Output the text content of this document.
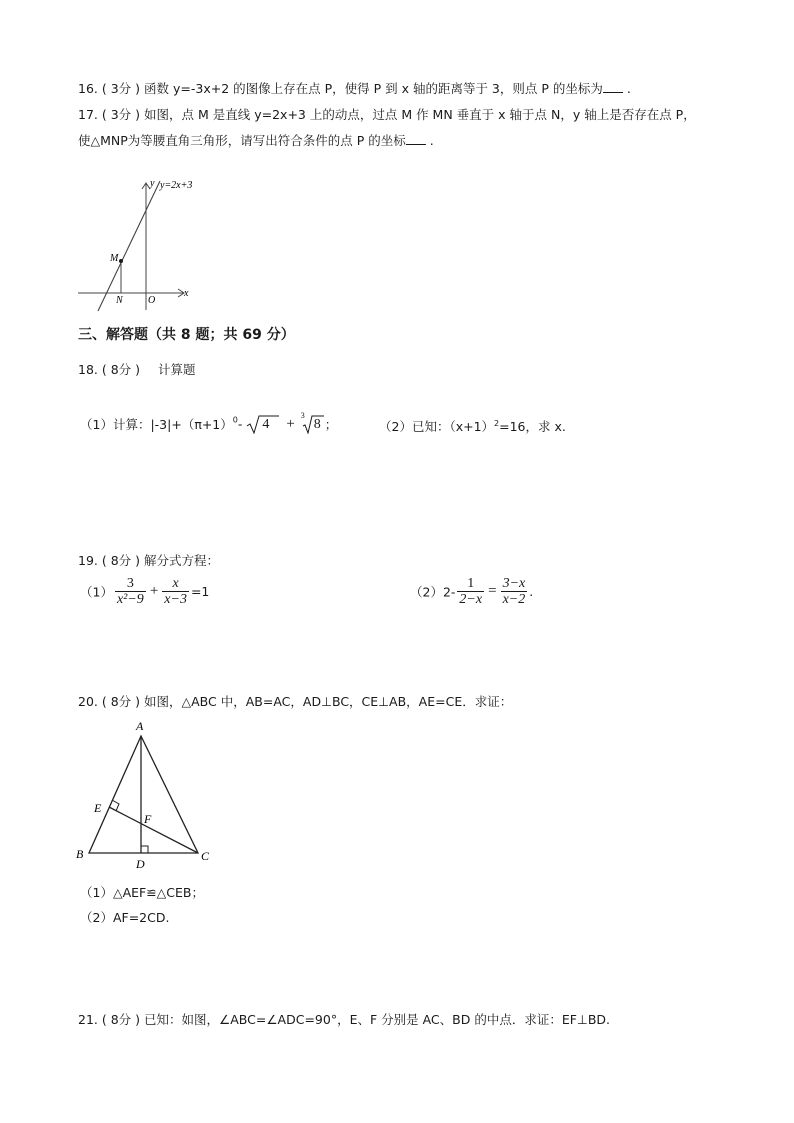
16. ( 3分 ) 函数 y=-3x+2 的图像上存在点 P，使得 P 到 x 轴的距离等于 3，则点 P 的坐标为 .
17. ( 3分 ) 如图，点 M 是直线 y=2x+3 上的动点，过点 M 作 MN 垂直于 x 轴于点 N，y 轴上是否存在点 P，
使△MNP为等腰直角三角形，请写出符合条件的点 P 的坐标 .
y=2x+3
y
x
M
N	O
三、解答题（共 8 题；共 69 分）
18. ( 8分 ) 计算题
（1）计算：$|-3|+(\pi+1)^0-$ 4 + 3
8 ；	（2）已知：$(x+1)^2=16$，求 x.
19. ( 8分 ) 解分式方程：
$(1) \frac{3}{\text{x²−9}} + \frac{x}{x-3} =1$	$(2)2- \frac{1}{2-x} = \frac{3-x}{x-2}$ .
20. ( 8分 ) 如图，△ABC 中，AB=AC，AD⊥BC，CE⊥AB，AE=CE．求证：
A
B	C
D
E
F
（1）△AEF≌△CEB；
（2）AF=2CD.
21. ( 8分 ) 已知：如图，∠ABC=∠ADC=90°，E、F 分别是 AC、BD 的中点．求证：EF⊥BD.
